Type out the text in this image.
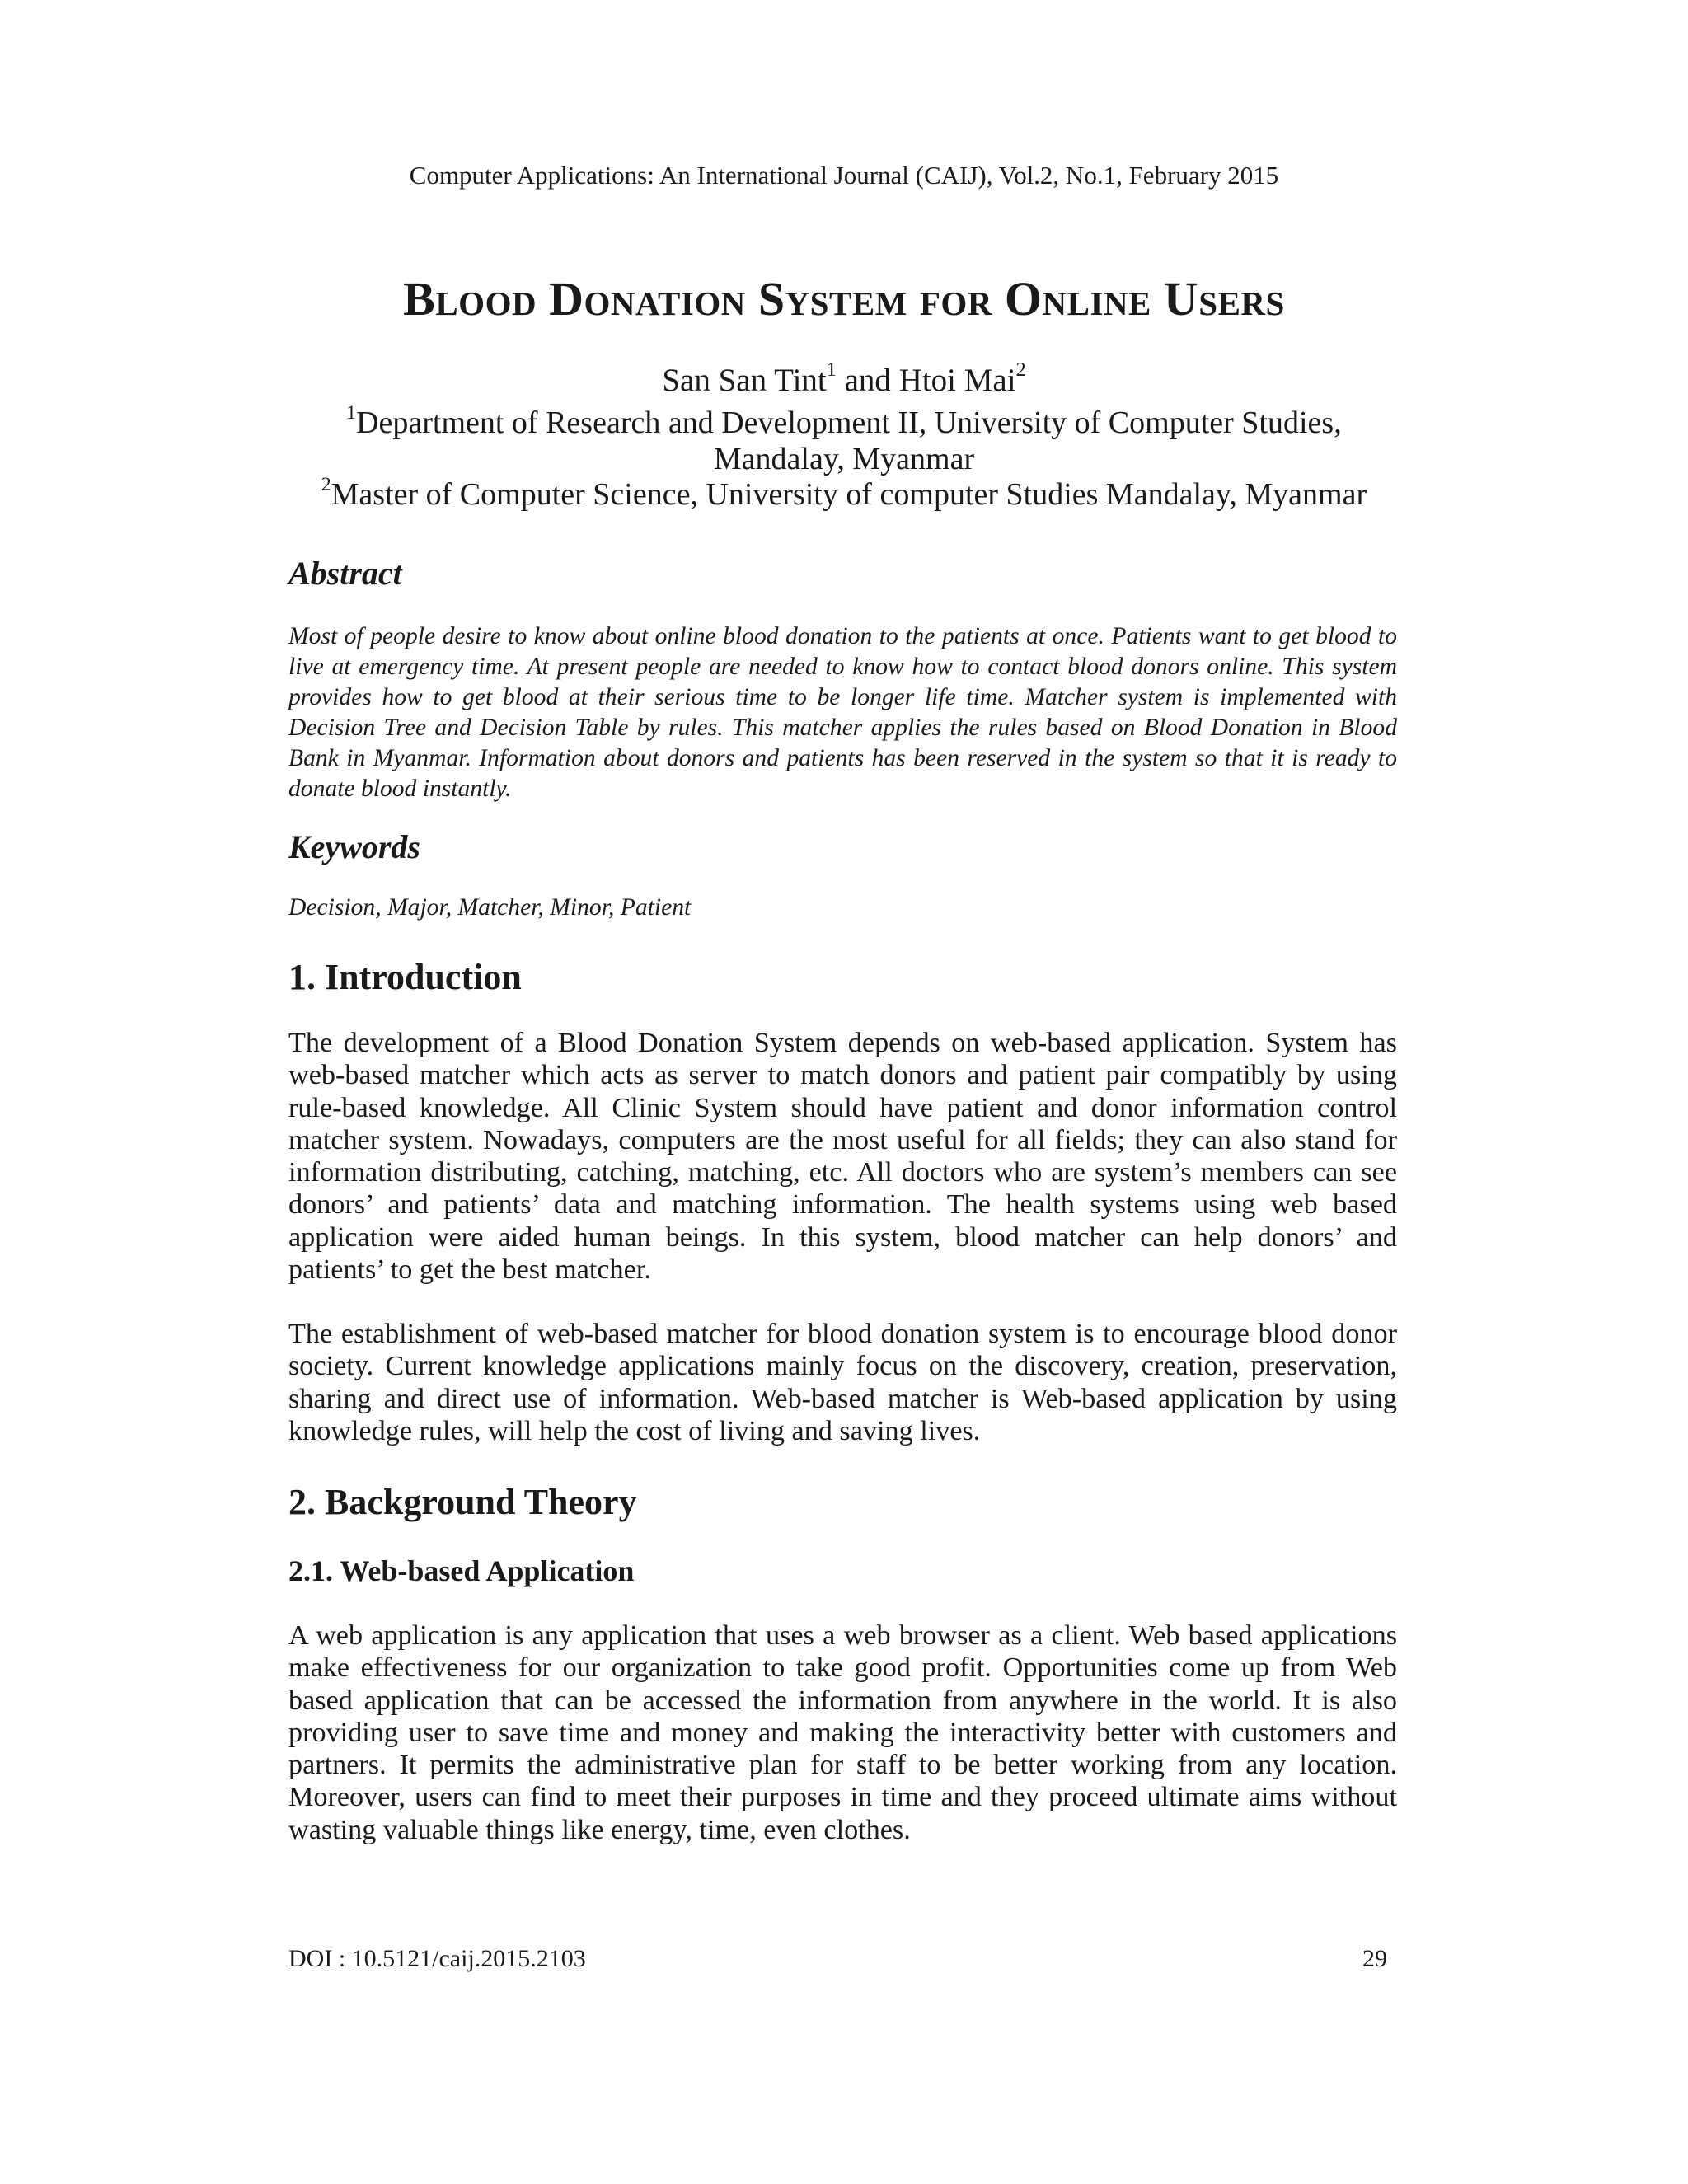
Computer Applications: An International Journal (CAIJ), Vol.2, No.1, February 2015
Blood Donation System for Online Users
San San Tint$^1$ and Htoi Mai$^2$
$^1$Department of Research and Development II, University of Computer Studies,
Mandalay, Myanmar
$^2$Master of Computer Science, University of computer Studies Mandalay, Myanmar
Abstract
Most of people desire to know about online blood donation to the patients at once. Patients want to get blood to live at emergency time. At present people are needed to know how to contact blood donors online. This system provides how to get blood at their serious time to be longer life time. Matcher system is implemented with Decision Tree and Decision Table by rules. This matcher applies the rules based on Blood Donation in Blood Bank in Myanmar. Information about donors and patients has been reserved in the system so that it is ready to donate blood instantly.
Keywords
Decision, Major, Matcher, Minor, Patient
1. Introduction
The development of a Blood Donation System depends on web-based application. System has web-based matcher which acts as server to match donors and patient pair compatibly by using rule-based knowledge. All Clinic System should have patient and donor information control matcher system. Nowadays, computers are the most useful for all fields; they can also stand for information distributing, catching, matching, etc. All doctors who are system’s members can see donors’ and patients’ data and matching information. The health systems using web based application were aided human beings. In this system, blood matcher can help donors’ and patients’ to get the best matcher.
The establishment of web-based matcher for blood donation system is to encourage blood donor society. Current knowledge applications mainly focus on the discovery, creation, preservation, sharing and direct use of information. Web-based matcher is Web-based application by using knowledge rules, will help the cost of living and saving lives.
2. Background Theory
2.1. Web-based Application
A web application is any application that uses a web browser as a client. Web based applications make effectiveness for our organization to take good profit. Opportunities come up from Web based application that can be accessed the information from anywhere in the world. It is also providing user to save time and money and making the interactivity better with customers and partners. It permits the administrative plan for staff to be better working from any location. Moreover, users can find to meet their purposes in time and they proceed ultimate aims without wasting valuable things like energy, time, even clothes.
DOI : 10.5121/caij.2015.2103	29
